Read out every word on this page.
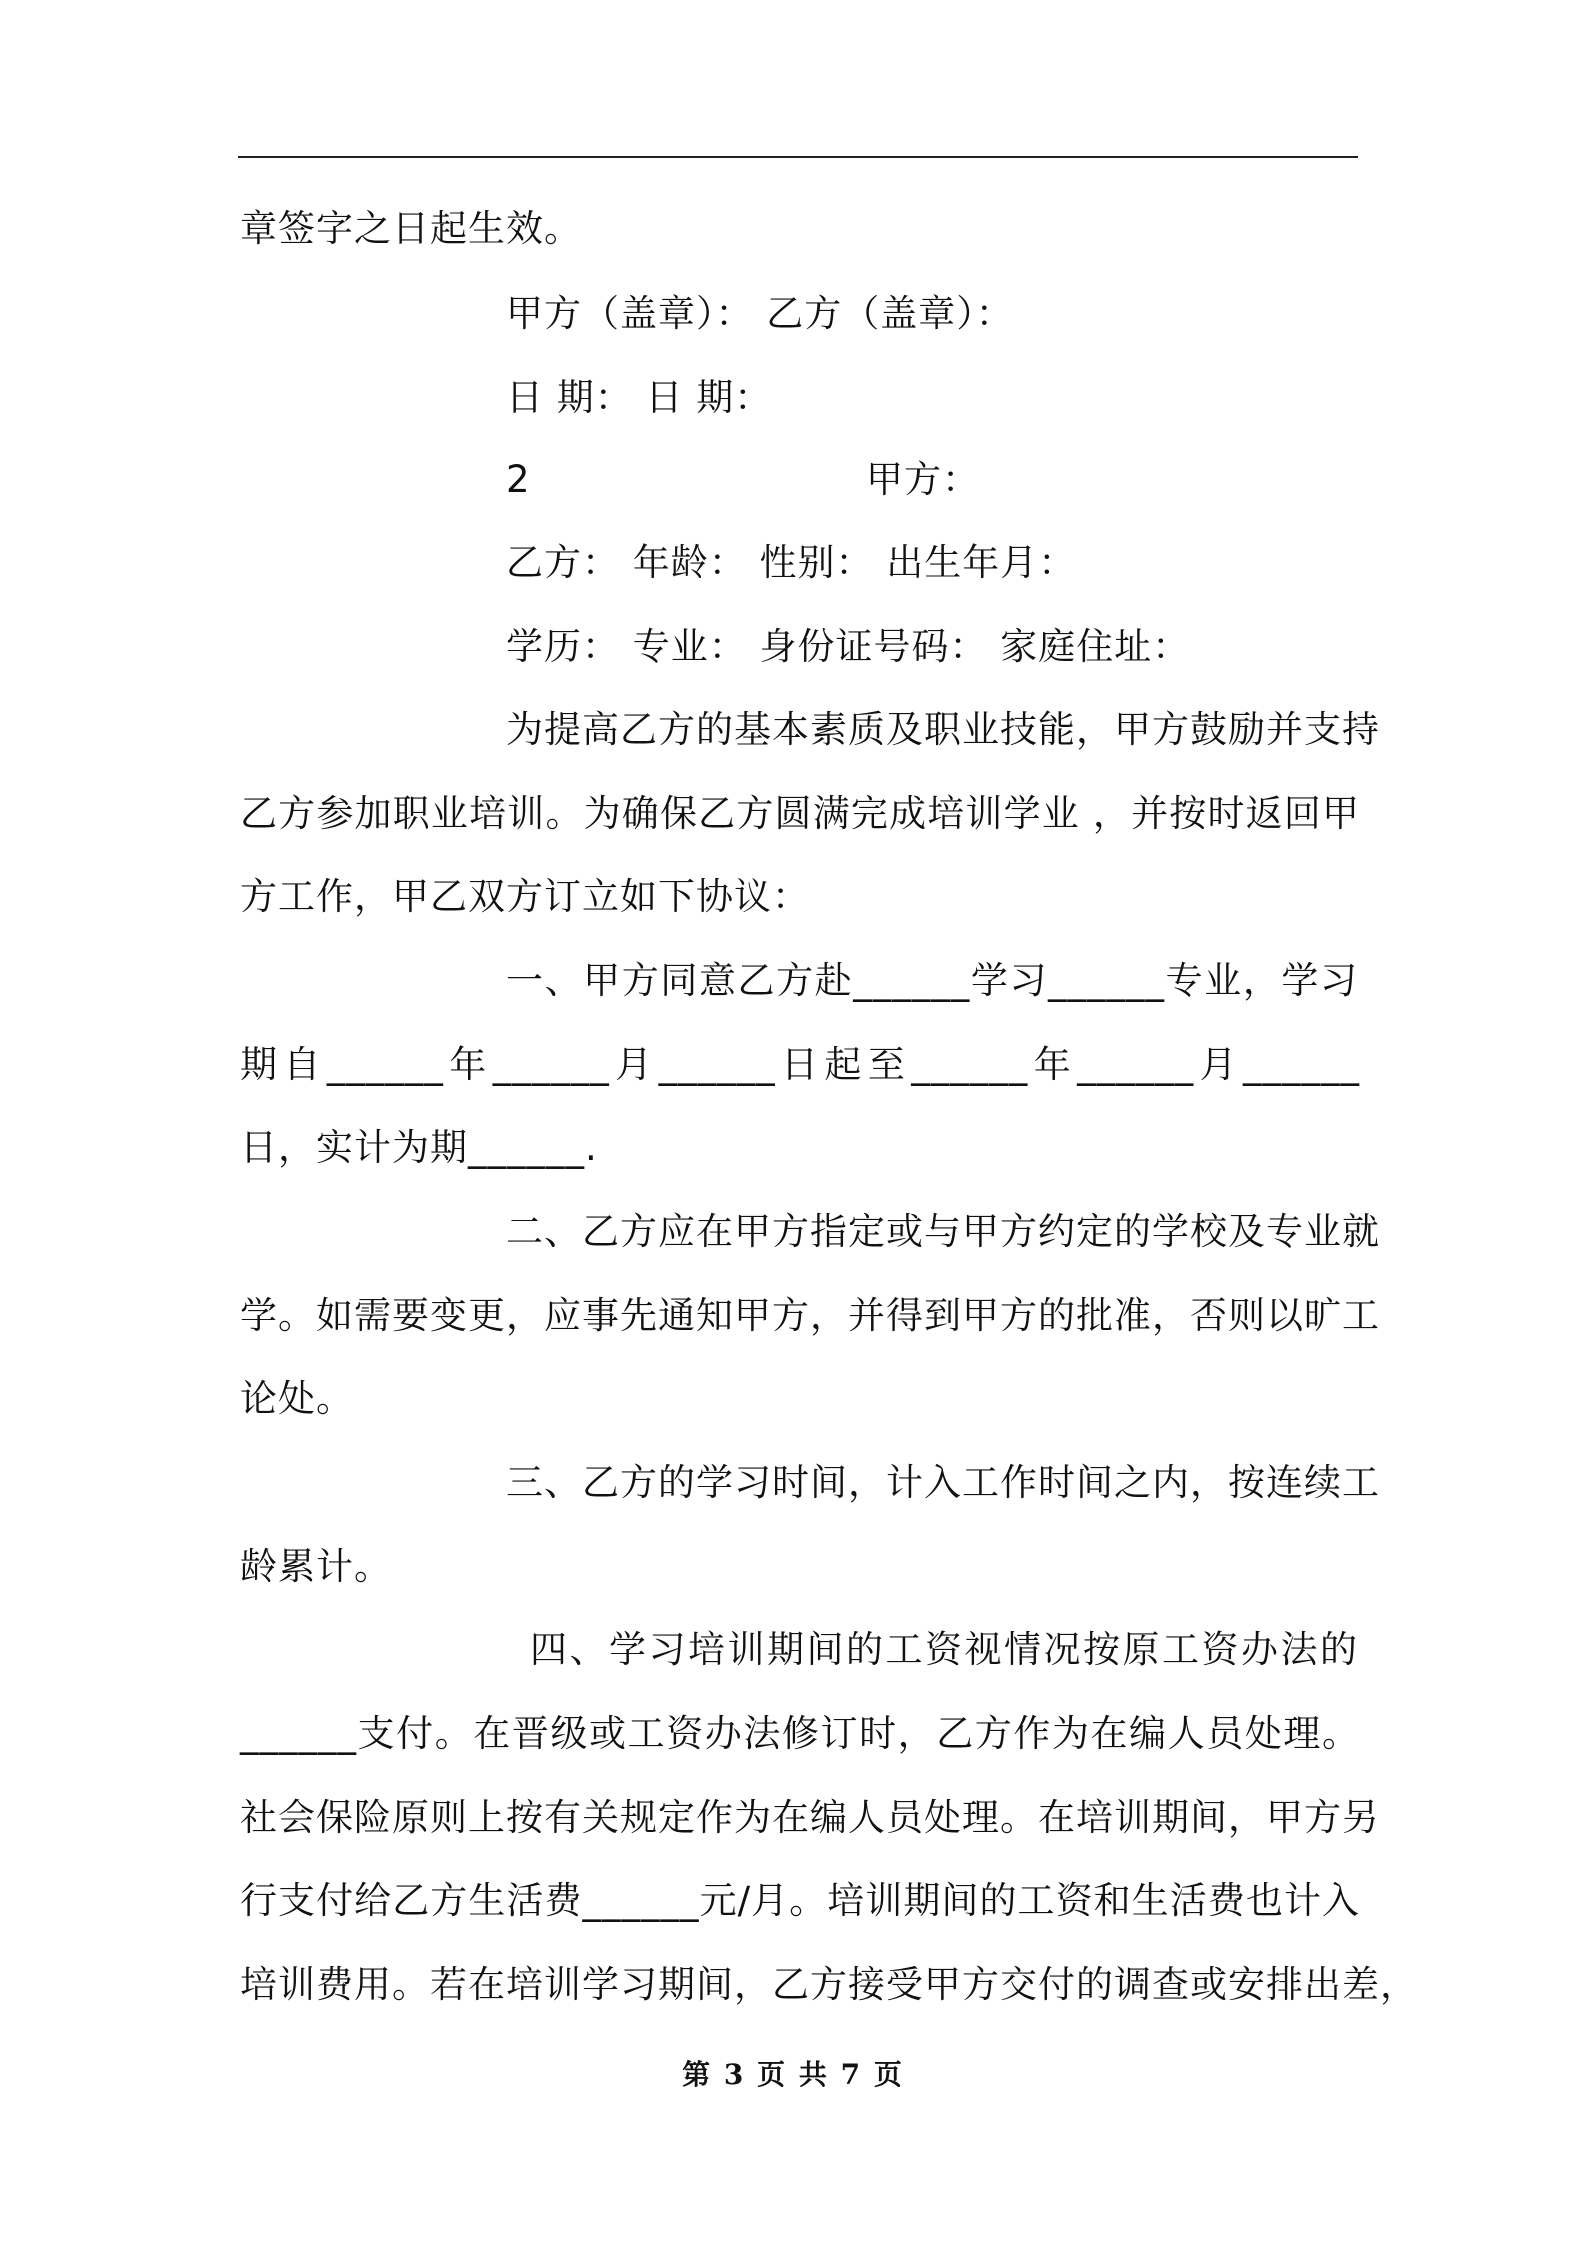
章签字之日起生效。
甲方（盖章）： 乙方（盖章）：
日 期： 日 期：
2	甲方：
乙方： 年龄： 性别： 出生年月：
学历： 专业： 身份证号码： 家庭住址：
为提高乙方的基本素质及职业技能，甲方鼓励并支持
乙方参加职业培训。为确保乙方圆满完成培训学业 ，并按时返回甲
方工作，甲乙双方订立如下协议：
一、甲方同意乙方赴______学习______专业，学习
期自______年______月______日起至______年______月______
日，实计为期______.
二、乙方应在甲方指定或与甲方约定的学校及专业就
学。如需要变更，应事先通知甲方，并得到甲方的批准，否则以旷工
论处。
三、乙方的学习时间，计入工作时间之内，按连续工
龄累计。
四、学习培训期间的工资视情况按原工资办法的
______支付。在晋级或工资办法修订时，乙方作为在编人员处理。
社会保险原则上按有关规定作为在编人员处理。在培训期间，甲方另
行支付给乙方生活费______元/月。培训期间的工资和生活费也计入
培训费用。若在培训学习期间，乙方接受甲方交付的调查或安排出差，
第 3 页 共 7 页
